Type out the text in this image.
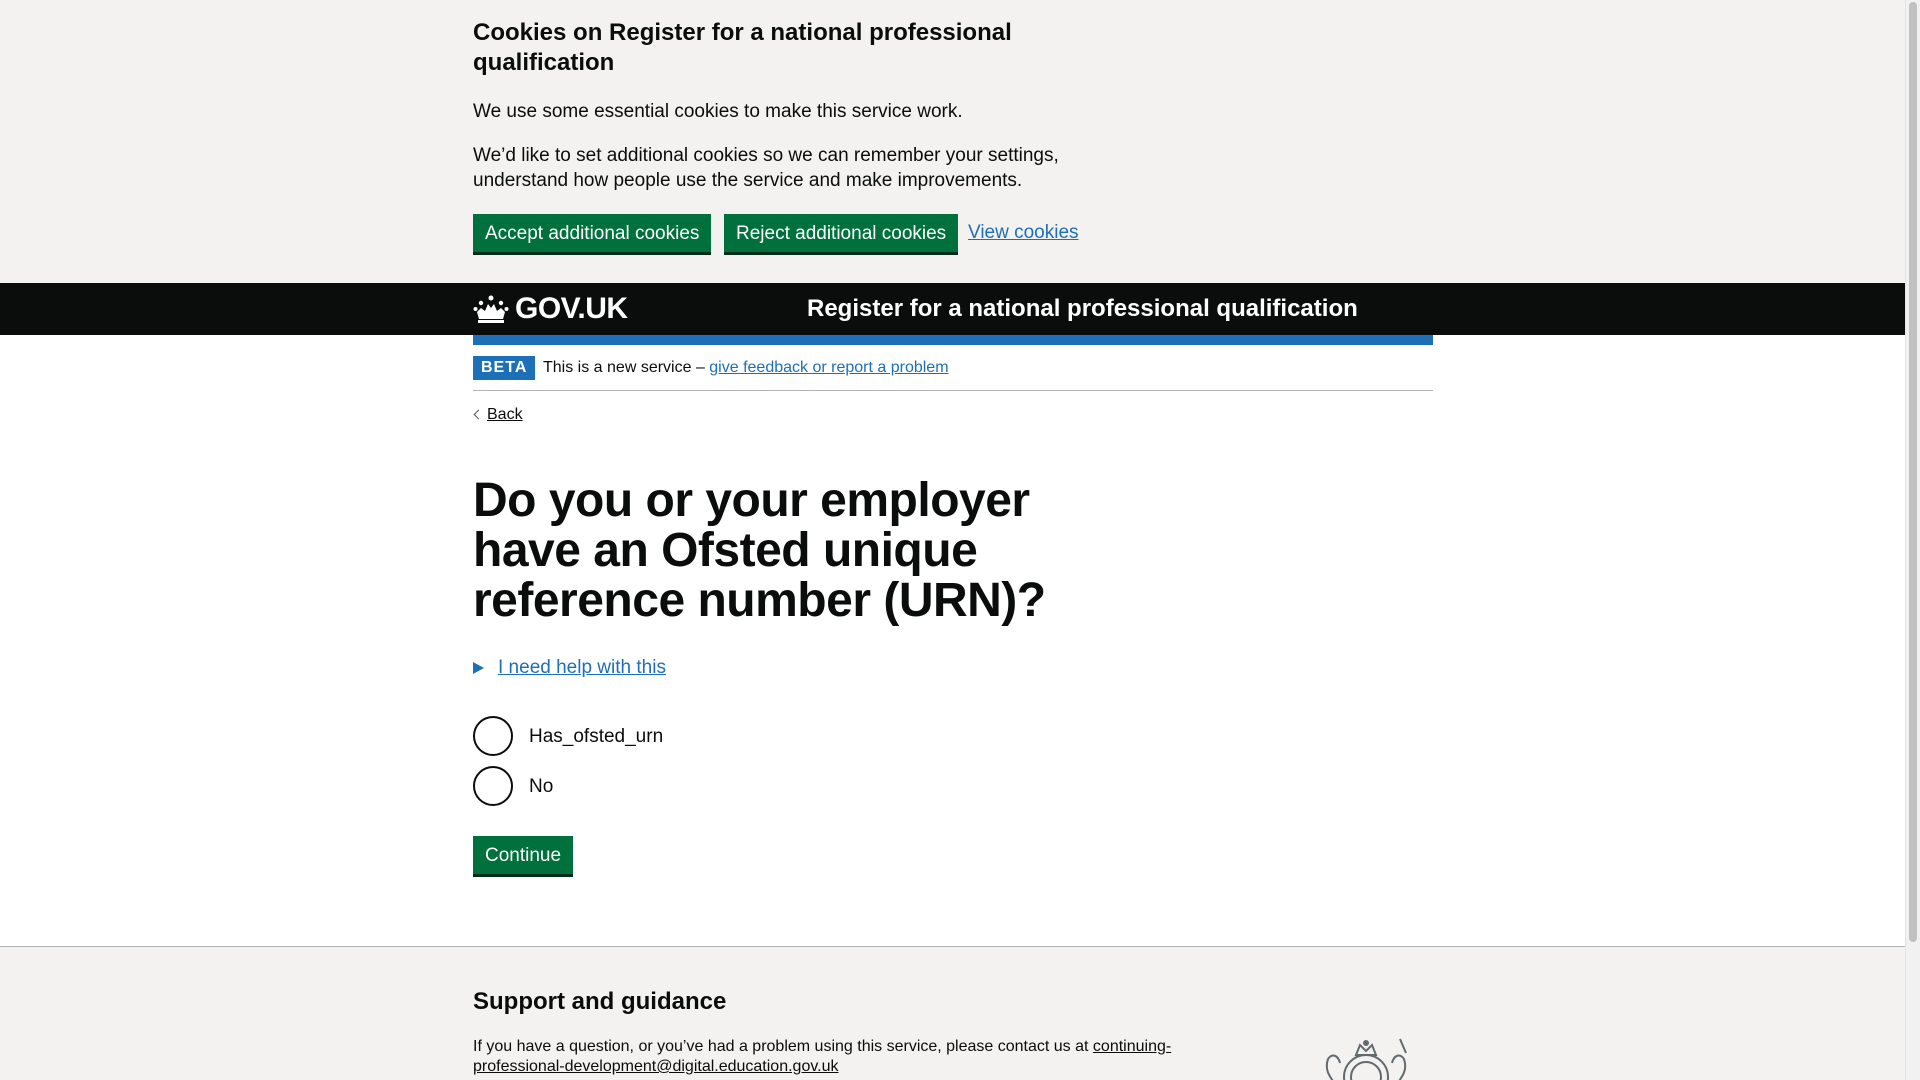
Cookies on Register for a national professional qualification

We use some essential cookies to make this service work.

We’d like to set additional cookies so we can remember your settings, understand how people use the service and make improvements.

Accept additional cookies	Reject additional cookies	View cookies
GOV.UK	Register for a national professional qualification
BETA This is a new service – give feedback or report a problem
Back
Do you or your employer have an Ofsted unique reference number (URN)?
I need help with this
Has_ofsted_urn
No
Continue
Support and guidance

If you have a question, or you’ve had a problem using this service, please contact us at continuing-professional-development@digital.education.gov.uk
